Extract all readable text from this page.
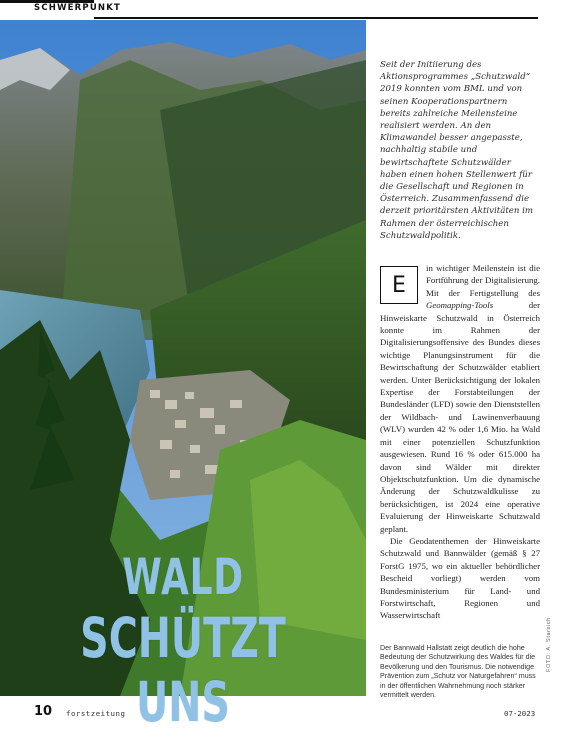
SCHWERPUNKT
WALD
SCHÜTZT UNS

Seit der Initiierung des Aktionsprogrammes „Schutzwald“ 2019 konnten vom BML und von seinen Kooperationspartnern bereits zahlreiche Meilensteine realisiert werden. An den Klimawandel besser angepasste, nachhaltig stabile und bewirtschaftete Schutzwälder haben einen hohen Stellenwert für die Gesellschaft und Regionen in Österreich. Zusammenfassend die derzeit prioritärsten Aktivitäten im Rahmen der österreichischen Schutzwaldpolitik.

in wichtiger Meilenstein ist die Fortführung der Digitalisierung. Mit der Fertigstellung des Geomapping-Tools der Hinweiskarte Schutzwald in Österreich konnte im Rahmen der Digitalisierungsoffensive des Bundes dieses wichtige Planungsinstrument für die Bewirtschaftung der Schutzwälder etabliert werden. Unter Berücksichtigung der lokalen Expertise der Forstabteilungen der Bundesländer (LFD) sowie den Dienststellen der Wildbach- und Lawinenverbauung (WLV) wurden 42 % oder 1,6 Mio. ha Wald mit einer potenziellen Schutzfunktion ausgewiesen. Rund 16 % oder 615.000 ha davon sind Wälder mit direkter Objektschutzfunktion. Um die dynamische Änderung der Schutzwaldkulisse zu berücksichtigen, ist 2024 eine operative Evaluierung der Hinweiskarte Schutzwald geplant.

Die Geodatenthemen der Hinweiskarte Schutzwald und Bannwälder (gemäß § 27 ForstG 1975, wo ein aktueller behördlicher Bescheid vorliegt) werden vom Bundesministerium für Land- und Forstwirtschaft, Regionen und Wasserwirtschaft

E

Der Bannwald Hallstatt zeigt deutlich die hohe Bedeutung der Schutzwirkung des Waldes für die Bevölkerung und den Tourismus. Die notwendige Prävention zum „Schutz vor Naturgefahren“ muss in der öffentlichen Wahrnehmung noch stärker vermittelt werden.

FOTO: A. Starsich
10 forstzeitung	07-2023
